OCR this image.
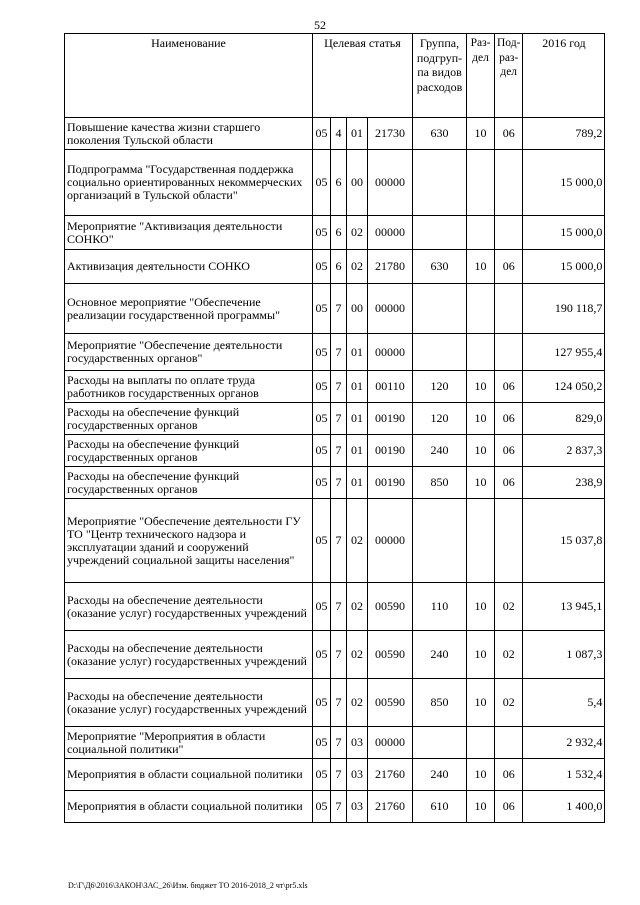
52
Наименование	Целевая статья				Группа, подгруп- па видов расходов	Раз- дел	Под- раз- дел	2016 год
Повышение качества жизни старшего поколения Тульской области	05	4	01	21730	630	10	06	789,2
Подпрограмма "Государственная поддержка социально ориентированных некоммерческих организаций в Тульской области"	05	6	00	00000				15 000,0
Мероприятие "Активизация деятельности СОНКО"	05	6	02	00000				15 000,0
Активизация деятельности СОНКО	05	6	02	21780	630	10	06	15 000,0
Основное мероприятие "Обеспечение реализации государственной программы"	05	7	00	00000				190 118,7
Мероприятие "Обеспечение деятельности государственных органов"	05	7	01	00000				127 955,4
Расходы на выплаты по оплате труда работников государственных органов	05	7	01	00110	120	10	06	124 050,2
Расходы на обеспечение функций государственных органов	05	7	01	00190	120	10	06	829,0
Расходы на обеспечение функций государственных органов	05	7	01	00190	240	10	06	2 837,3
Расходы на обеспечение функций государственных органов	05	7	01	00190	850	10	06	238,9
Мероприятие "Обеспечение деятельности ГУ ТО "Центр технического надзора и эксплуатации зданий и сооружений учреждений социальной защиты населения"	05	7	02	00000				15 037,8
Расходы на обеспечение деятельности (оказание услуг) государственных учреждений	05	7	02	00590	110	10	02	13 945,1
Расходы на обеспечение деятельности (оказание услуг) государственных учреждений	05	7	02	00590	240	10	02	1 087,3
Расходы на обеспечение деятельности (оказание услуг) государственных учреждений	05	7	02	00590	850	10	02	5,4
Мероприятие "Мероприятия в области социальной политики"	05	7	03	00000				2 932,4
Мероприятия в области социальной политики	05	7	03	21760	240	10	06	1 532,4
Мероприятия в области социальной политики	05	7	03	21760	610	10	06	1 400,0
D:\Г\Д6\2016\ЗАКОН\ЗАС_26\Изм. бюджет ТО 2016-2018_2 чт\pr5.xls
